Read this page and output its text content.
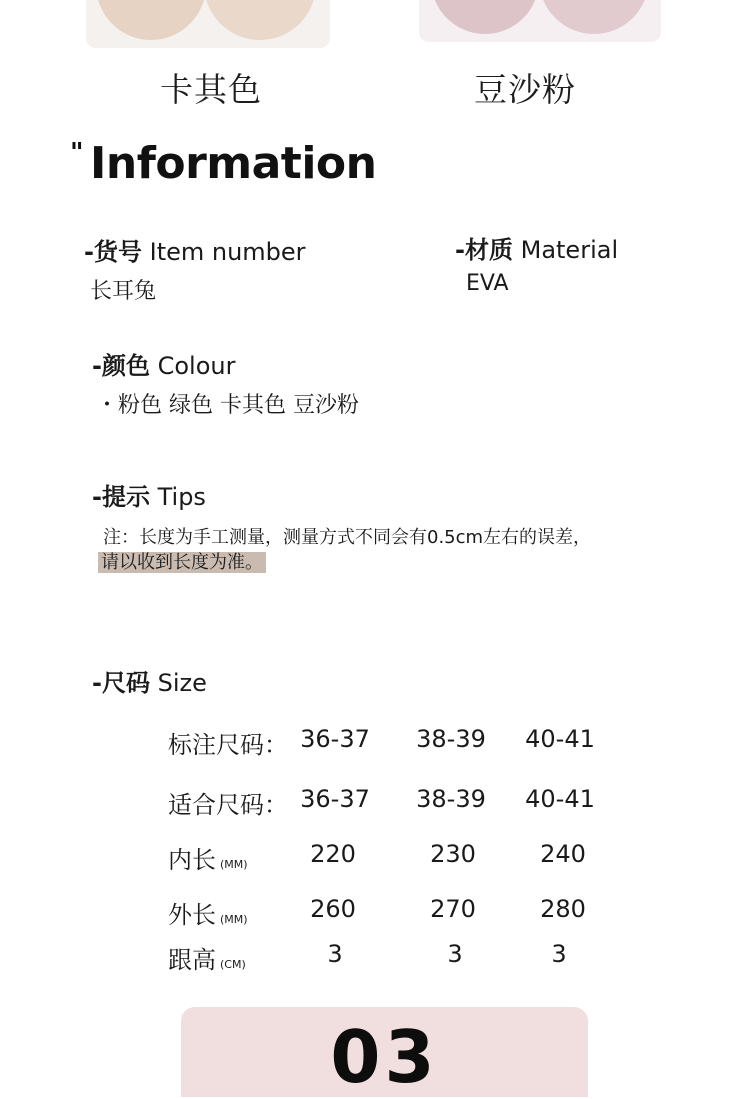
卡其色	豆沙粉
" Information
-货号 Item number
长耳兔
-材质 Material
EVA
-颜色 Colour
・粉色 绿色 卡其色 豆沙粉
-提示 Tips
注：长度为手工测量，测量方式不同会有0.5cm左右的误差，
请以收到长度为准。
-尺码 Size
标注尺码： 36-37 38-39 40-41
适合尺码： 36-37 38-39 40-41
内长 (MM)	220	230	240
外长 (MM)	260	270	280
跟高 (CM)	3	3	3
03
